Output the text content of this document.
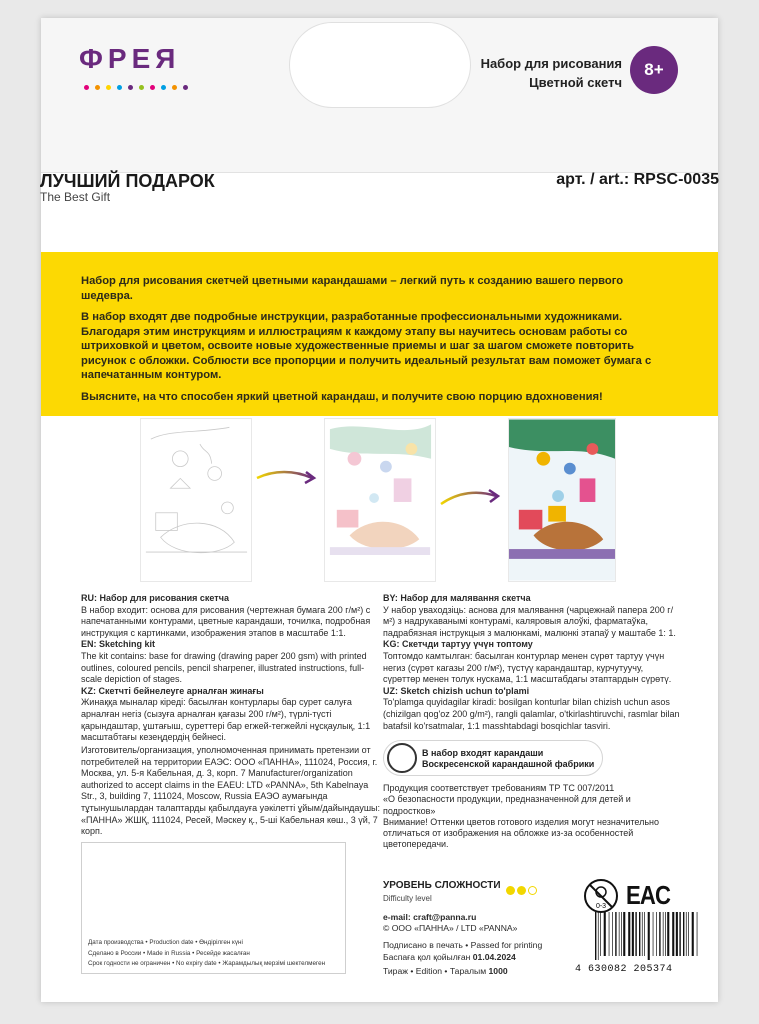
ФРЕЯ	Набор для рисования
Цветной скетч
8+

Набор для рисования скетчей цветными карандашами – легкий путь к созданию вашего первого шедевра.

В набор входят две подробные инструкции, разработанные профессиональными художниками. Благодаря этим инструкциям и иллюстрациям к каждому этапу вы научитесь основам работы со штриховкой и цветом, освоите новые художественные приемы и шаг за шагом сможете повторить рисунок с обложки. Соблюсти все пропорции и получить идеальный результат вам поможет бумага с напечатанным контуром.

Выясните, на что способен яркий цветной карандаш, и получите свою порцию вдохновения!

ЛУЧШИЙ ПОДАРОК
The Best Gift
арт. / art.: RPSC-0035
RU: Набор для рисования скетча
В набор входит: основа для рисования (чертежная бумага 200 г/м²) с напечатанными контурами, цветные карандаши, точилка, подробная инструкция с картинками, изображения этапов в масштабе 1:1.
EN: Sketching kit
The kit contains: base for drawing (drawing paper 200 gsm) with printed outlines, coloured pencils, pencil sharpener, illustrated instructions, full-scale depiction of stages.
KZ: Скетчті бейнелеуге арналған жинағы
Жинаққа мыналар кіреді: басылған контурлары бар сурет салуға арналған негіз (сызуға арналған қағазы 200 г/м²), түрлі-түсті қарындаштар, ұштағыш, суреттері бар егжей-тегжейлі нұсқаулық, 1:1 масштабтағы кезеңдердің бейнесі.
BY: Набор для малявання скетча
У набор уваходзіць: аснова для малявання (чарцежнай папера 200 г/м²) з надрукаванымі контурамі, каляровыя алоўкі, фарматаўка, падрабязная інструкцыя з малюнкамі, малюнкі этапаў у маштабе 1: 1.
KG: Скетчди тартуу үчүн топтому
Топтомдо камтылган: басылган контурлар менен сүрөт тартуу үчүн негиз (сүрөт кагазы 200 г/м²), түстүү карандаштар, курчутуучу, сүрөттөр менен толук нускама, 1:1 масштабдагы этаптардын сүрөтү.
UZ: Sketch chizish uchun to'plami
To'plamga quyidagilar kiradi: bosilgan konturlar bilan chizish uchun asos (chizilgan qog'oz 200 g/m²), rangli qalamlar, o'tkirlashtiruvchi, rasmlar bilan batafsil ko'rsatmalar, 1:1 masshtabdagi bosqichlar tasviri.
Изготовитель/организация, уполномоченная принимать претензии от потребителей на территории ЕАЭС: ООО «ПАННА», 111024, Россия, г. Москва, ул. 5-я Кабельная, д. 3, корп. 7 Manufacturer/organization authorized to accept claims in the EAEU: LTD «PANNA», 5th Kabelnaya Str., 3, building 7, 111024, Moscow, Russia ЕАЭО аумағында тұтынушылардан талаптарды қабылдауға уәкілетті ұйым/дайындаушы: «ПАННА» ЖШҚ, 111024, Ресей, Мәскеу қ., 5-ші Кабельная көш., 3 үй, 7 корп.
Дата производства • Production date • Өндірілген күні
Сделано в России • Made in Russia • Ресейде жасалған
Срок годности не ограничен • No expiry date • Жарамдылық мерзімі шектелмеген
В набор входят карандаши
Воскресенской карандашной фабрики
Продукция соответствует требованиям ТР ТС 007/2011
«О безопасности продукции, предназначенной для детей и подростков»
Внимание! Оттенки цветов готового изделия могут незначительно отличаться от изображения на обложке из-за особенностей цветопередачи.
УРОВЕНЬ СЛОЖНОСТИ
Difficulty level
e-mail: craft@panna.ru
© ООО «ПАННА» / LTD «PANNA»
Подписано в печать • Passed for printing
Баспаға қол қойылған 01.04.2024
Тираж • Edition • Таралым 1000
0-3 EAC
4 630082 205374
